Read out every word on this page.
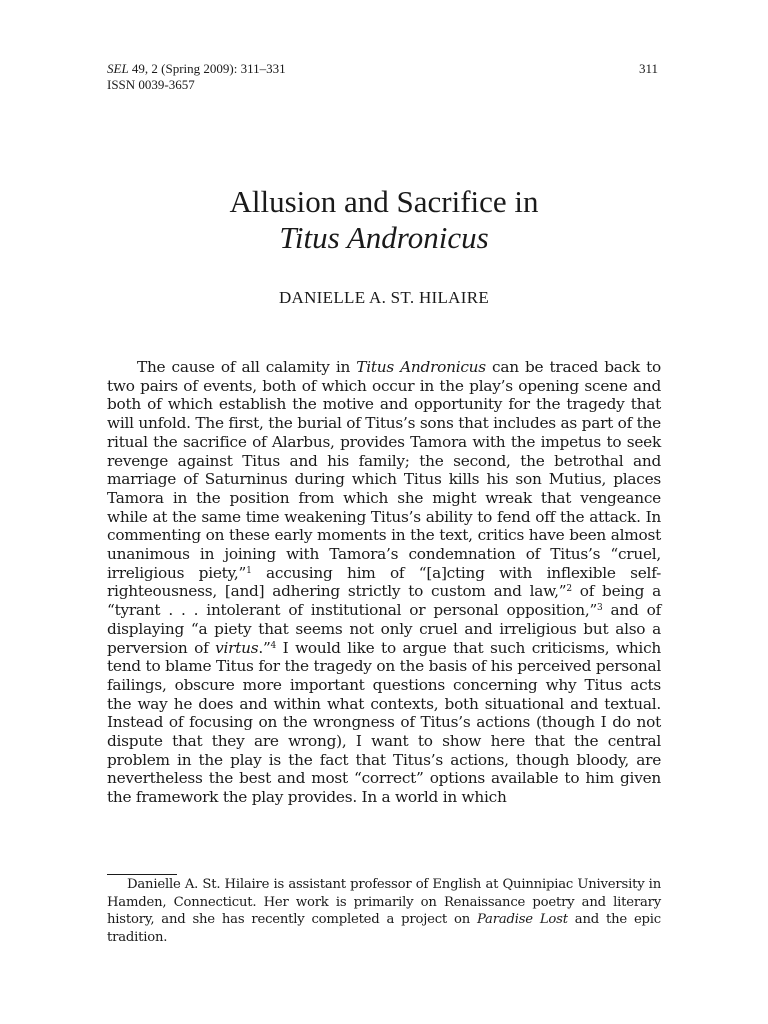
SEL 49, 2 (Spring 2009): 311–331
ISSN 0039-3657
311
Allusion and Sacrifice in
Titus Andronicus
DANIELLE A. ST. HILAIRE

The cause of all calamity in Titus Andronicus can be traced back to two pairs of events, both of which occur in the play’s opening scene and both of which establish the motive and opportunity for the tragedy that will unfold. The first, the burial of Titus’s sons that includes as part of the ritual the sacrifice of Alarbus, provides Tamora with the impetus to seek revenge against Titus and his family; the second, the betrothal and marriage of Saturninus during which Titus kills his son Mutius, places Tamora in the position from which she might wreak that vengeance while at the same time weakening Titus’s ability to fend off the attack. In commenting on these early moments in the text, critics have been almost unanimous in joining with Tamora’s condemnation of Titus’s “cruel, irreligious piety,”$^1$ accusing him of “[a]cting with inflexible self-righteousness, [and] adhering strictly to custom and law,”$^2$ of being a “tyrant . . . intolerant of institutional or personal opposition,”$^3$ and of displaying “a piety that seems not only cruel and irreligious but also a perversion of virtus.”$^4$ I would like to argue that such criticisms, which tend to blame Titus for the tragedy on the basis of his perceived personal failings, obscure more important questions concerning why Titus acts the way he does and within what contexts, both situational and textual. Instead of focusing on the wrongness of Titus’s actions (though I do not dispute that they are wrong), I want to show here that the central problem in the play is the fact that Titus’s actions, though bloody, are nevertheless the best and most “correct” options available to him given the framework the play provides. In a world in which

Danielle A. St. Hilaire is assistant professor of English at Quinnipiac University in Hamden, Connecticut. Her work is primarily on Renaissance poetry and literary history, and she has recently completed a project on Paradise Lost and the epic tradition.
